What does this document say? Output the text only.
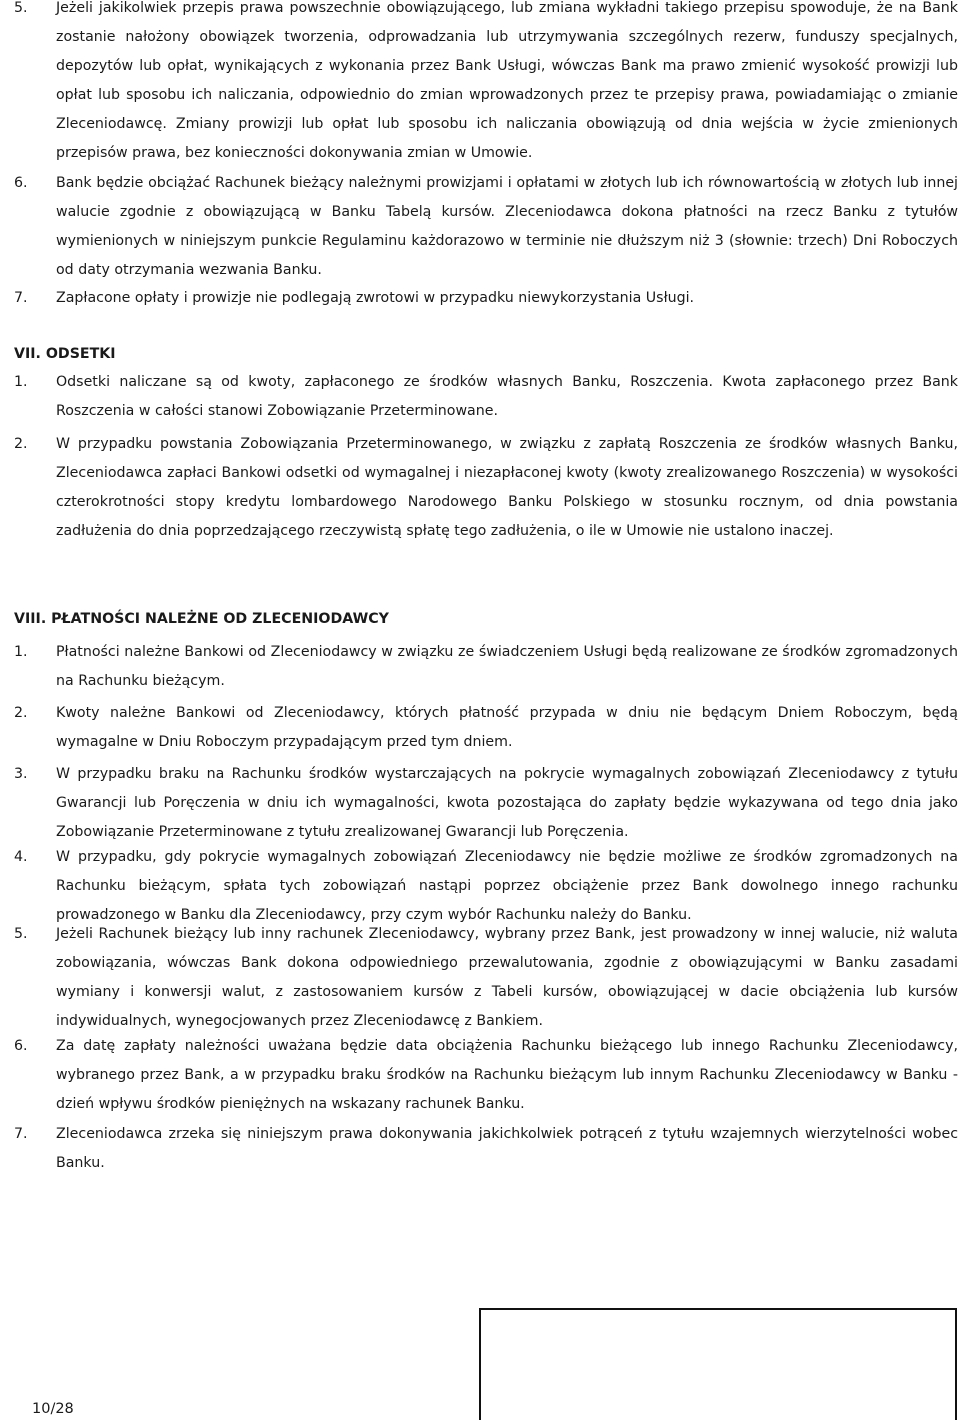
5. Jeżeli jakikolwiek przepis prawa powszechnie obowiązującego, lub zmiana wykładni takiego przepisu spowoduje, że na Bank zostanie nałożony obowiązek tworzenia, odprowadzania lub utrzymywania szczególnych rezerw, funduszy specjalnych, depozytów lub opłat, wynikających z wykonania przez Bank Usługi, wówczas Bank ma prawo zmienić wysokość prowizji lub opłat lub sposobu ich naliczania, odpowiednio do zmian wprowadzonych przez te przepisy prawa, powiadamiając o zmianie Zleceniodawcę. Zmiany prowizji lub opłat lub sposobu ich naliczania obowiązują od dnia wejścia w życie zmienionych przepisów prawa, bez konieczności dokonywania zmian w Umowie.
6. Bank będzie obciążać Rachunek bieżący należnymi prowizjami i opłatami w złotych lub ich równowartością w złotych lub innej walucie zgodnie z obowiązującą w Banku Tabelą kursów. Zleceniodawca dokona płatności na rzecz Banku z tytułów wymienionych w niniejszym punkcie Regulaminu każdorazowo w terminie nie dłuższym niż 3 (słownie: trzech) Dni Roboczych od daty otrzymania wezwania Banku.
7. Zapłacone opłaty i prowizje nie podlegają zwrotowi w przypadku niewykorzystania Usługi.
VII. ODSETKI
1. Odsetki naliczane są od kwoty, zapłaconego ze środków własnych Banku, Roszczenia. Kwota zapłaconego przez Bank Roszczenia w całości stanowi Zobowiązanie Przeterminowane.
2. W przypadku powstania Zobowiązania Przeterminowanego, w związku z zapłatą Roszczenia ze środków własnych Banku, Zleceniodawca zapłaci Bankowi odsetki od wymagalnej i niezapłaconej kwoty (kwoty zrealizowanego Roszczenia) w wysokości czterokrotności stopy kredytu lombardowego Narodowego Banku Polskiego w stosunku rocznym, od dnia powstania zadłużenia do dnia poprzedzającego rzeczywistą spłatę tego zadłużenia, o ile w Umowie nie ustalono inaczej.
VIII. PŁATNOŚCI NALEŻNE OD ZLECENIODAWCY
1. Płatności należne Bankowi od Zleceniodawcy w związku ze świadczeniem Usługi będą realizowane ze środków zgromadzonych na Rachunku bieżącym.
2. Kwoty należne Bankowi od Zleceniodawcy, których płatność przypada w dniu nie będącym Dniem Roboczym, będą wymagalne w Dniu Roboczym przypadającym przed tym dniem.
3. W przypadku braku na Rachunku środków wystarczających na pokrycie wymagalnych zobowiązań Zleceniodawcy z tytułu Gwarancji lub Poręczenia w dniu ich wymagalności, kwota pozostająca do zapłaty będzie wykazywana od tego dnia jako Zobowiązanie Przeterminowane z tytułu zrealizowanej Gwarancji lub Poręczenia.
4. W przypadku, gdy pokrycie wymagalnych zobowiązań Zleceniodawcy nie będzie możliwe ze środków zgromadzonych na Rachunku bieżącym, spłata tych zobowiązań nastąpi poprzez obciążenie przez Bank dowolnego innego rachunku prowadzonego w Banku dla Zleceniodawcy, przy czym wybór Rachunku należy do Banku.
5. Jeżeli Rachunek bieżący lub inny rachunek Zleceniodawcy, wybrany przez Bank, jest prowadzony w innej walucie, niż waluta zobowiązania, wówczas Bank dokona odpowiedniego przewalutowania, zgodnie z obowiązującymi w Banku zasadami wymiany i konwersji walut, z zastosowaniem kursów z Tabeli kursów, obowiązującej w dacie obciążenia lub kursów indywidualnych, wynegocjowanych przez Zleceniodawcę z Bankiem.
6. Za datę zapłaty należności uważana będzie data obciążenia Rachunku bieżącego lub innego Rachunku Zleceniodawcy, wybranego przez Bank, a w przypadku braku środków na Rachunku bieżącym lub innym Rachunku Zleceniodawcy w Banku - dzień wpływu środków pieniężnych na wskazany rachunek Banku.
7. Zleceniodawca zrzeka się niniejszym prawa dokonywania jakichkolwiek potrąceń z tytułu wzajemnych wierzytelności wobec Banku.
10/28
